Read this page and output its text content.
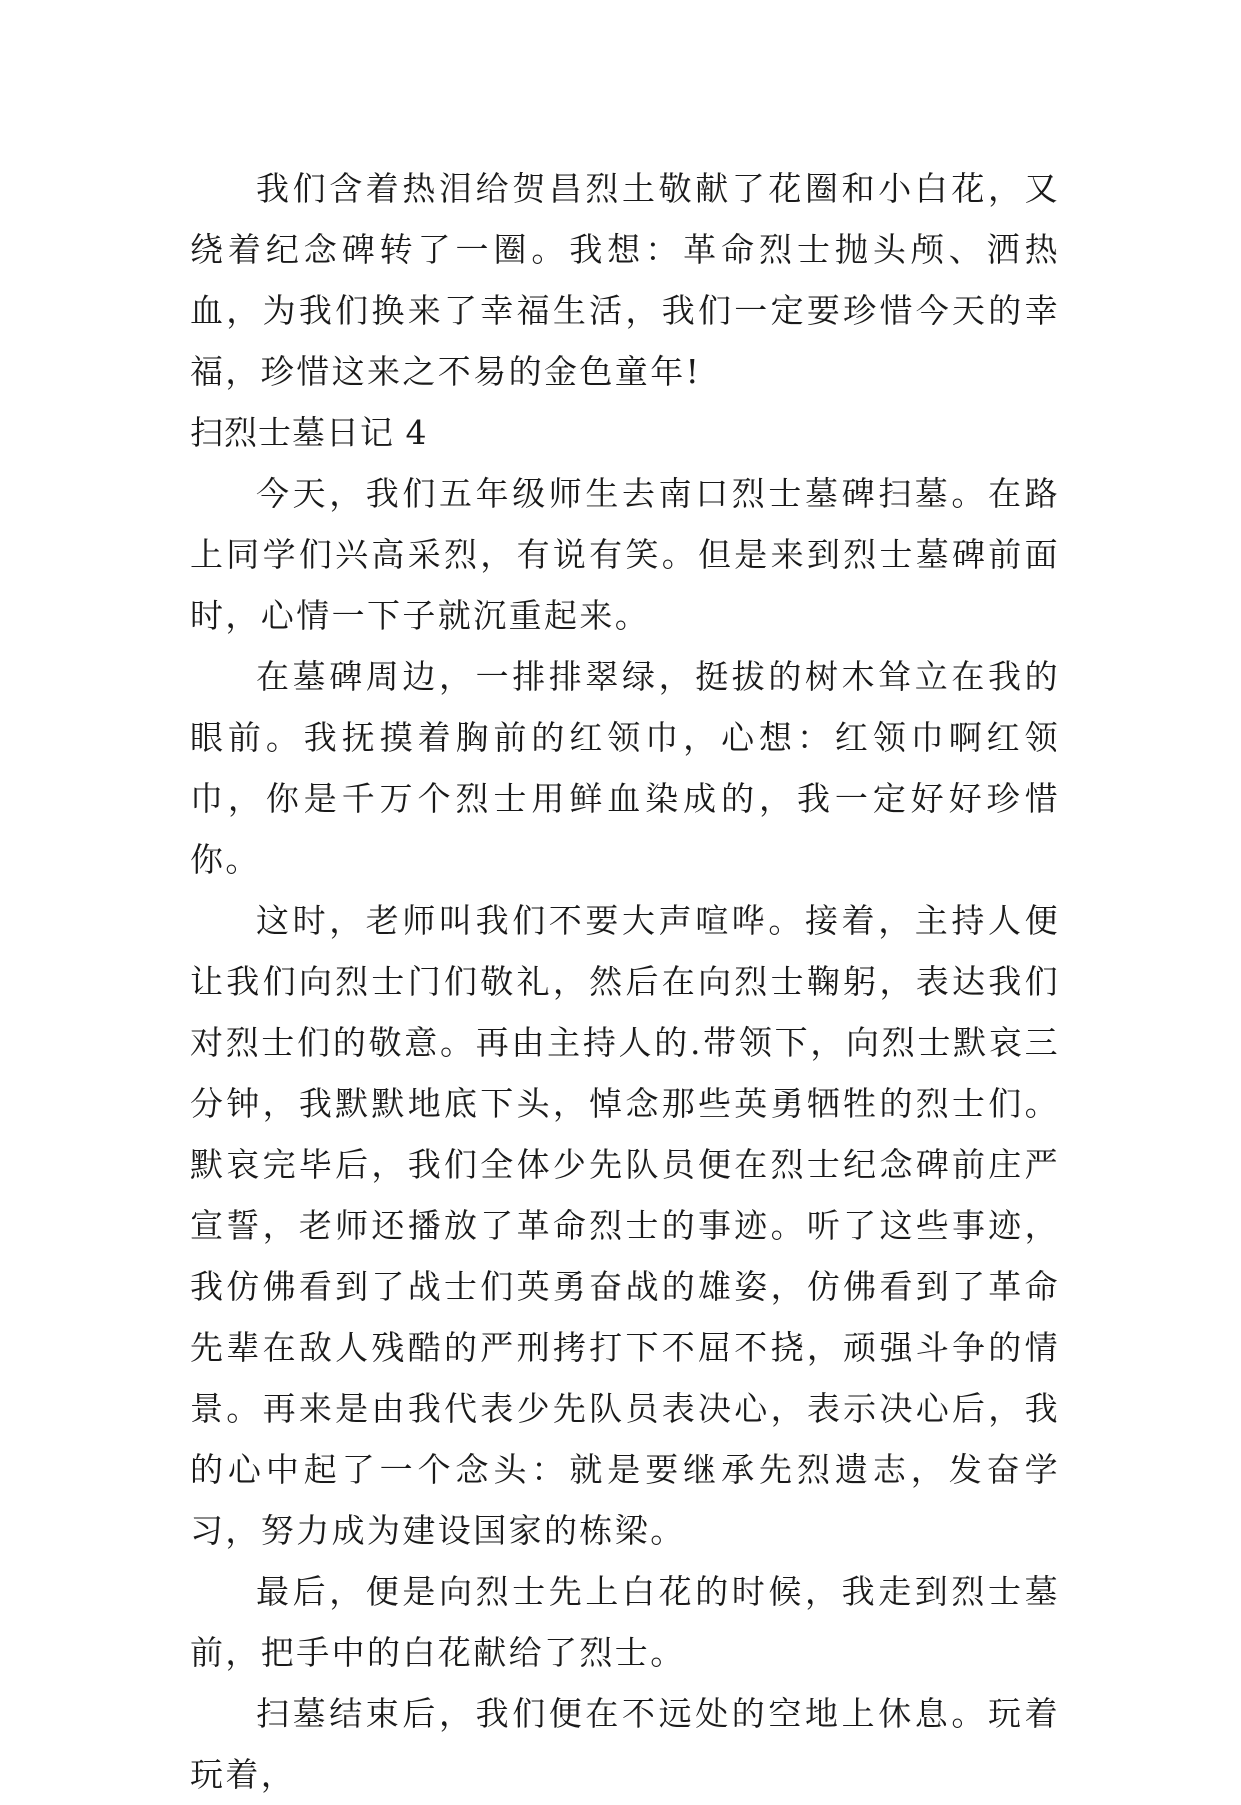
我们含着热泪给贺昌烈土敬献了花圈和小白花，又绕着纪念碑转了一圈。我想：革命烈士抛头颅、洒热血，为我们换来了幸福生活，我们一定要珍惜今天的幸福，珍惜这来之不易的金色童年!

扫烈士墓日记 4

今天，我们五年级师生去南口烈士墓碑扫墓。在路上同学们兴高采烈，有说有笑。但是来到烈士墓碑前面时，心情一下子就沉重起来。

在墓碑周边，一排排翠绿，挺拔的树木耸立在我的眼前。我抚摸着胸前的红领巾，心想：红领巾啊红领巾，你是千万个烈士用鲜血染成的，我一定好好珍惜你。

这时，老师叫我们不要大声喧哗。接着，主持人便让我们向烈士门们敬礼，然后在向烈士鞠躬，表达我们对烈士们的敬意。再由主持人的.带领下，向烈士默哀三分钟，我默默地底下头，悼念那些英勇牺牲的烈士们。默哀完毕后，我们全体少先队员便在烈士纪念碑前庄严宣誓，老师还播放了革命烈士的事迹。听了这些事迹，我仿佛看到了战士们英勇奋战的雄姿，仿佛看到了革命先辈在敌人残酷的严刑拷打下不屈不挠，顽强斗争的情景。再来是由我代表少先队员表决心，表示决心后，我的心中起了一个念头：就是要继承先烈遗志，发奋学习，努力成为建设国家的栋梁。

最后，便是向烈士先上白花的时候，我走到烈士墓前，把手中的白花献给了烈士。

扫墓结束后，我们便在不远处的空地上休息。玩着玩着，
